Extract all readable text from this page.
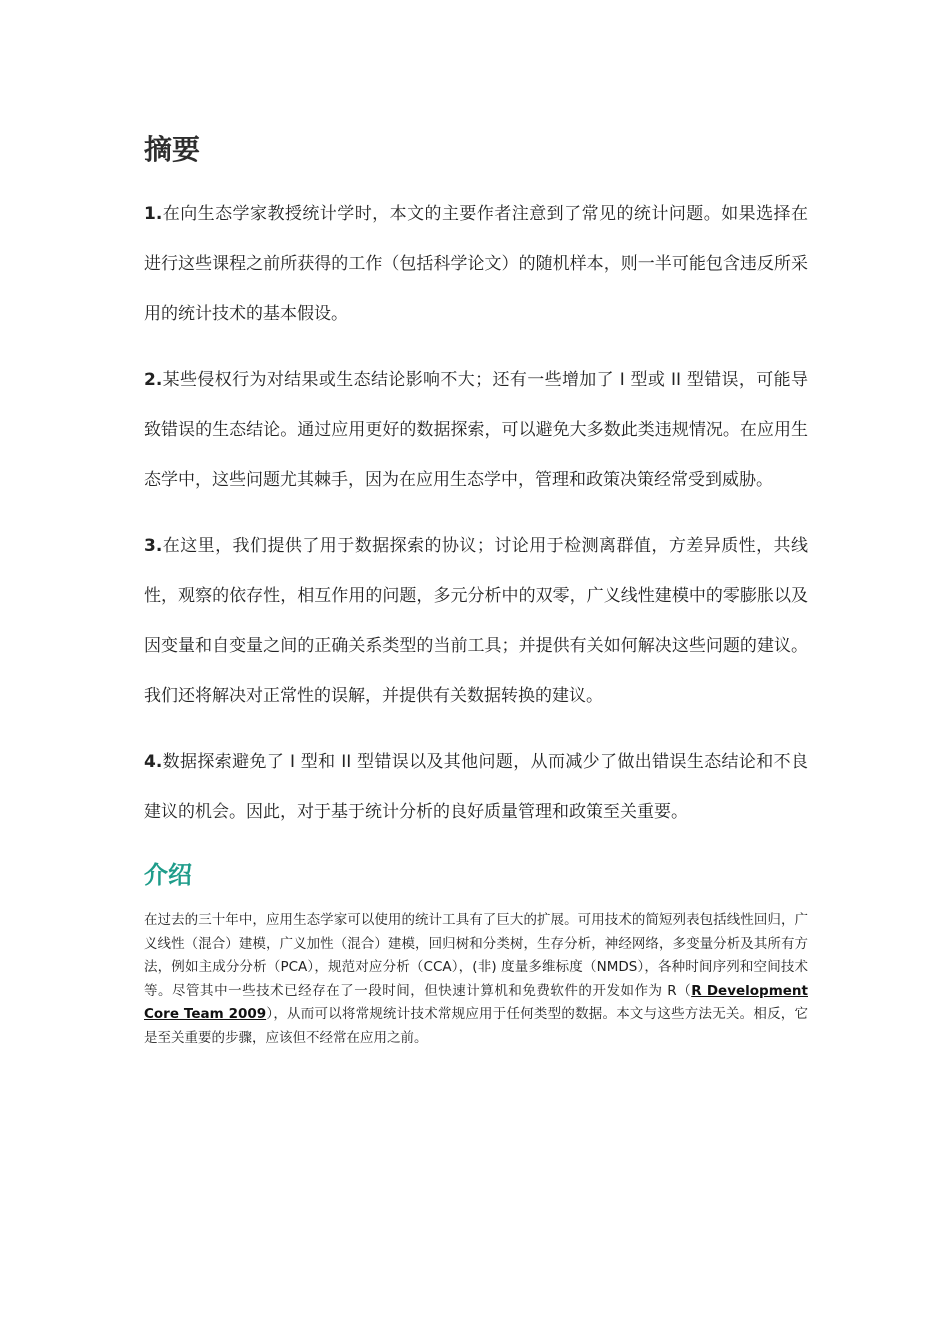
摘要

1.在向生态学家教授统计学时，本文的主要作者注意到了常见的统计问题。如果选择在进行这些课程之前所获得的工作（包括科学论文）的随机样本，则一半可能包含违反所采用的统计技术的基本假设。

2.某些侵权行为对结果或生态结论影响不大；还有一些增加了 I 型或 II 型错误，可能导致错误的生态结论。通过应用更好的数据探索，可以避免大多数此类违规情况。在应用生态学中，这些问题尤其棘手，因为在应用生态学中，管理和政策决策经常受到威胁。

3.在这里，我们提供了用于数据探索的协议；讨论用于检测离群值，方差异质性，共线性，观察的依存性，相互作用的问题，多元分析中的双零，广义线性建模中的零膨胀以及因变量和自变量之间的正确关系类型的当前工具；并提供有关如何解决这些问题的建议。我们还将解决对正常性的误解，并提供有关数据转换的建议。

4.数据探索避免了 I 型和 II 型错误以及其他问题，从而减少了做出错误生态结论和不良建议的机会。因此，对于基于统计分析的良好质量管理和政策至关重要。

介绍

在过去的三十年中，应用生态学家可以使用的统计工具有了巨大的扩展。可用技术的简短列表包括线性回归，广义线性（混合）建模，广义加性（混合）建模，回归树和分类树，生存分析，神经网络，多变量分析及其所有方法，例如主成分分析（PCA），规范对应分析（CCA），(非) 度量多维标度（NMDS），各种时间序列和空间技术等。尽管其中一些技术已经存在了一段时间，但快速计算机和免费软件的开发如作为 R（R Development Core Team 2009），从而可以将常规统计技术常规应用于任何类型的数据。本文与这些方法无关。相反，它是至关重要的步骤，应该但不经常在应用之前。
